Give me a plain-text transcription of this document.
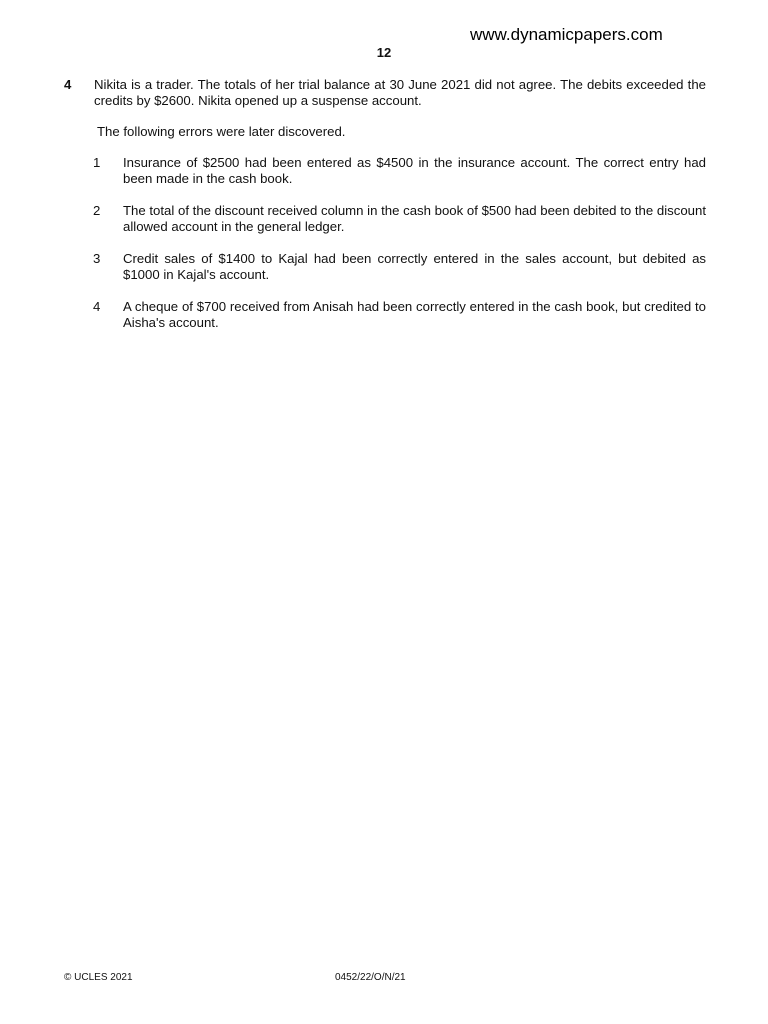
www.dynamicpapers.com
12
4 Nikita is a trader. The totals of her trial balance at 30 June 2021 did not agree. The debits exceeded the credits by $2600. Nikita opened up a suspense account.
The following errors were later discovered.
1 Insurance of $2500 had been entered as $4500 in the insurance account. The correct entry had been made in the cash book.
2 The total of the discount received column in the cash book of $500 had been debited to the discount allowed account in the general ledger.
3 Credit sales of $1400 to Kajal had been correctly entered in the sales account, but debited as $1000 in Kajal's account.
4 A cheque of $700 received from Anisah had been correctly entered in the cash book, but credited to Aisha's account.
© UCLES 2021	0452/22/O/N/21
